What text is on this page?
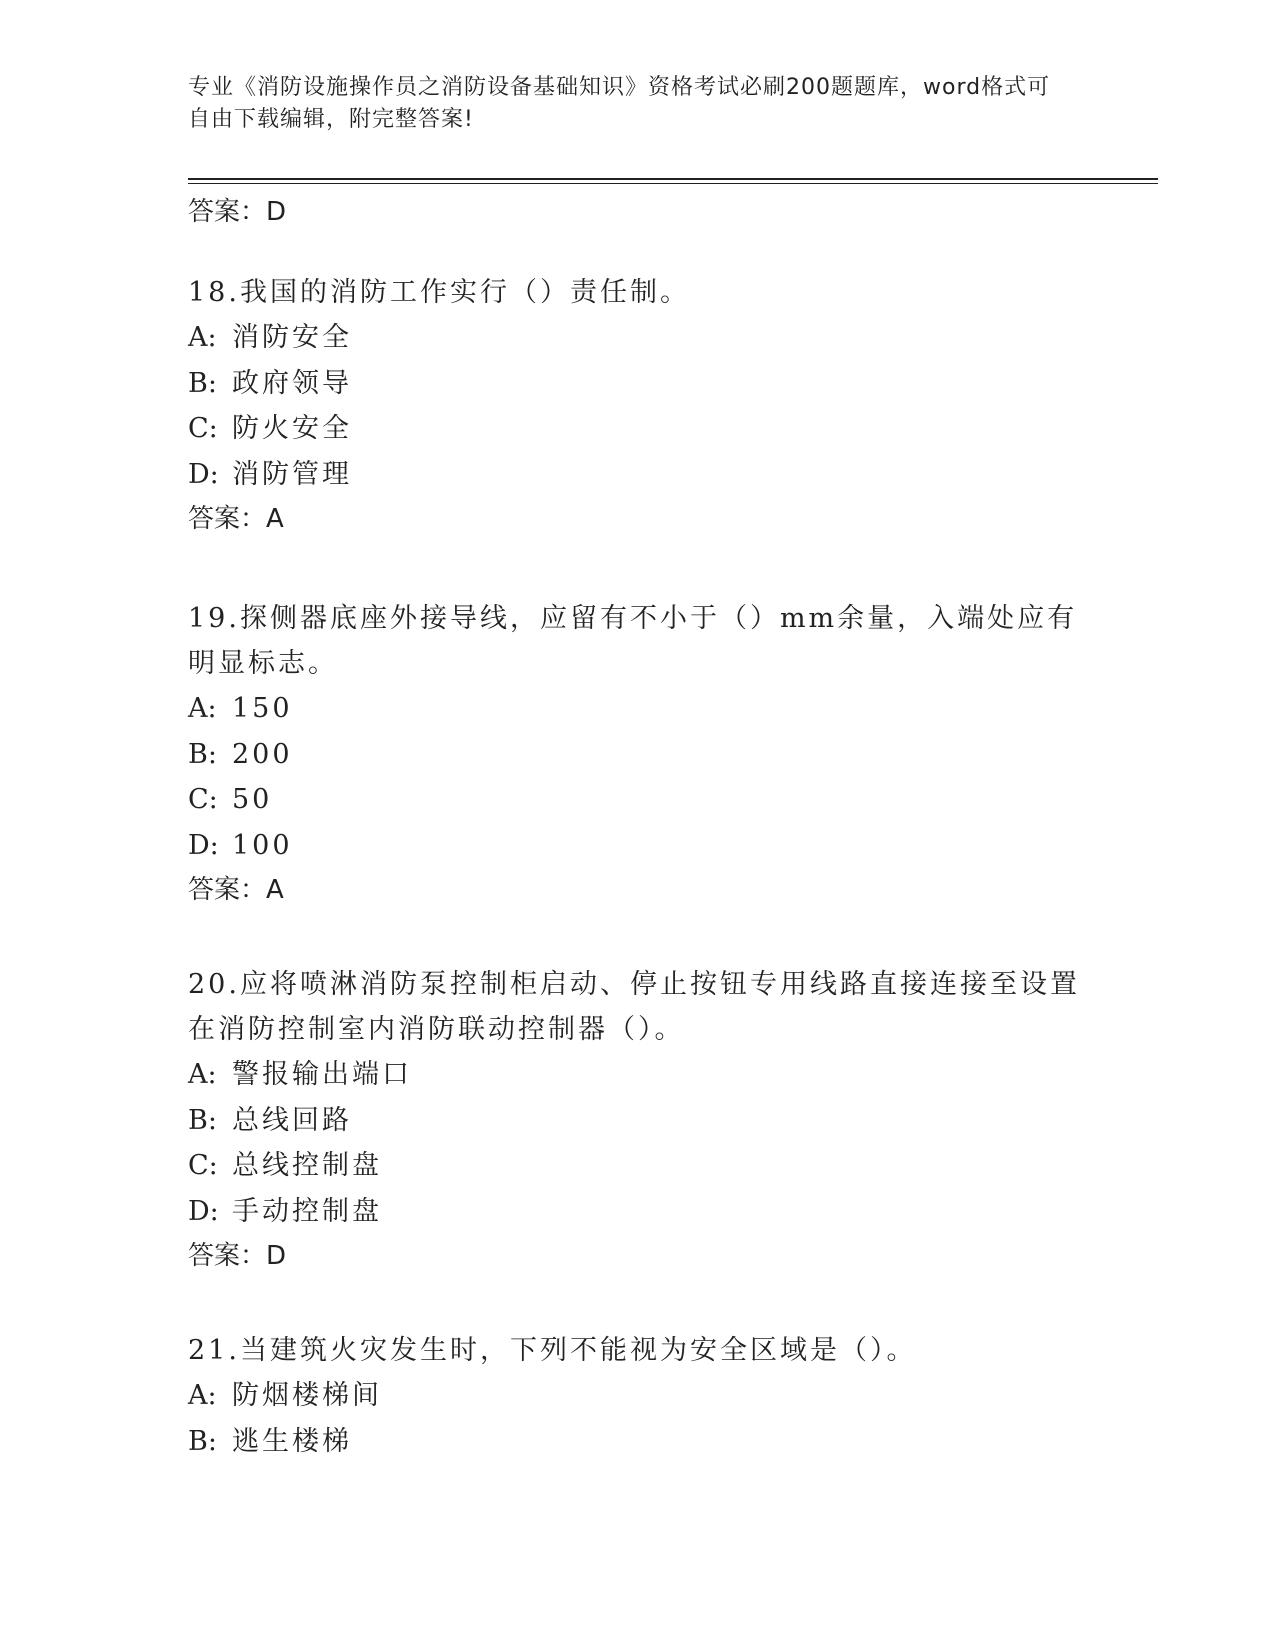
专业《消防设施操作员之消防设备基础知识》资格考试必刷200题题库，word格式可自由下载编辑，附完整答案!
答案：D
18.我国的消防工作实行（）责任制。
A: 消防安全
B: 政府领导
C: 防火安全
D: 消防管理
答案：A
19.探侧器底座外接导线，应留有不小于（）mm余量，入端处应有明显标志。
A: 150
B: 200
C: 50
D: 100
答案：A
20.应将喷淋消防泵控制柜启动、停止按钮专用线路直接连接至设置在消防控制室内消防联动控制器（）。
A: 警报输出端口
B: 总线回路
C: 总线控制盘
D: 手动控制盘
答案：D
21.当建筑火灾发生时，下列不能视为安全区域是（）。
A: 防烟楼梯间
B: 逃生楼梯
